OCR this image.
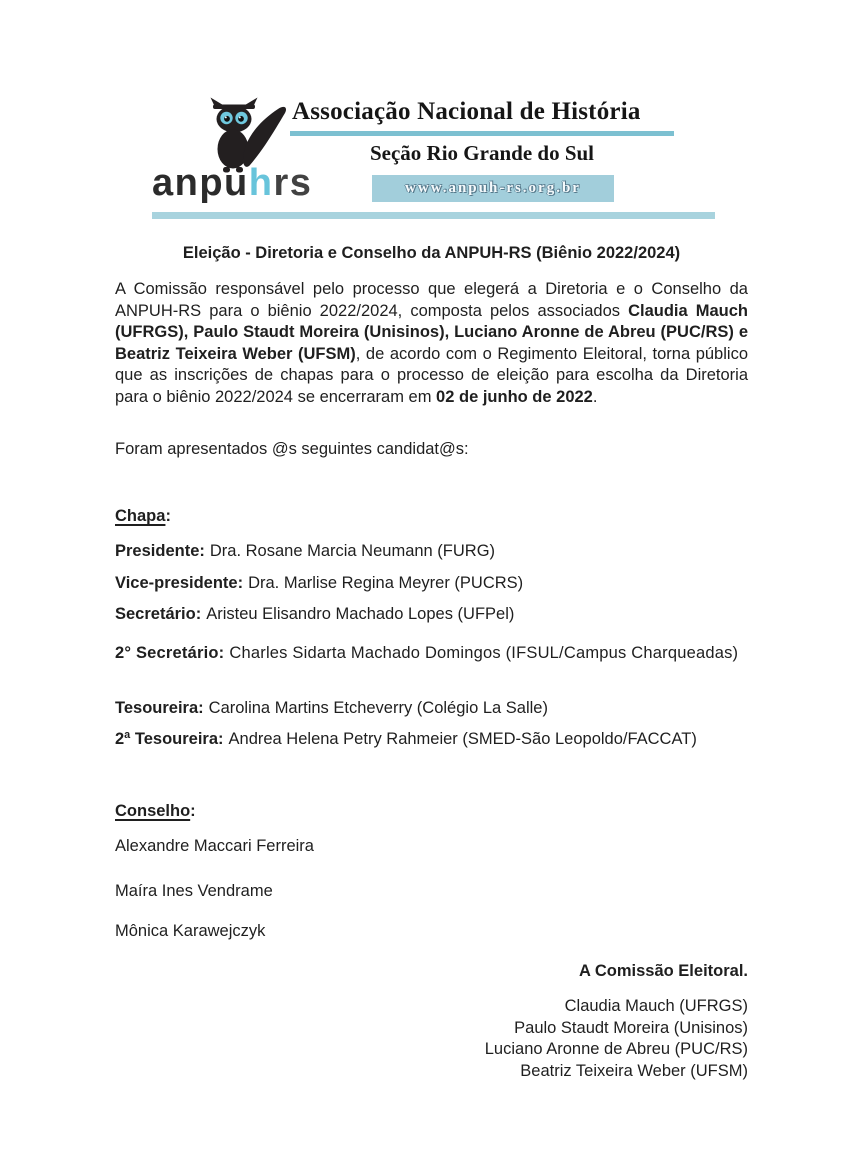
anpuhrs
Associação Nacional de História
Seção Rio Grande do Sul
www.anpuh-rs.org.br

Eleição - Diretoria e Conselho da ANPUH-RS (Biênio 2022/2024)

A Comissão responsável pelo processo que elegerá a Diretoria e o Conselho da ANPUH-RS para o biênio 2022/2024, composta pelos associados Claudia Mauch (UFRGS), Paulo Staudt Moreira (Unisinos), Luciano Aronne de Abreu (PUC/RS) e Beatriz Teixeira Weber (UFSM), de acordo com o Regimento Eleitoral, torna público que as inscrições de chapas para o processo de eleição para escolha da Diretoria para o biênio 2022/2024 se encerraram em 02 de junho de 2022.

Foram apresentados @s seguintes candidat@s:

Chapa:

Presidente: Dra. Rosane Marcia Neumann (FURG)

Vice-presidente: Dra. Marlise Regina Meyrer (PUCRS)

Secretário: Aristeu Elisandro Machado Lopes (UFPel)

2° Secretário: Charles Sidarta Machado Domingos (IFSUL/Campus Charqueadas)

Tesoureira: Carolina Martins Etcheverry (Colégio La Salle)

2ª Tesoureira: Andrea Helena Petry Rahmeier (SMED-São Leopoldo/FACCAT)

Conselho:

Alexandre Maccari Ferreira

Maíra Ines Vendrame

Mônica Karawejczyk

A Comissão Eleitoral.

Claudia Mauch (UFRGS)
Paulo Staudt Moreira (Unisinos)
Luciano Aronne de Abreu (PUC/RS)
Beatriz Teixeira Weber (UFSM)
